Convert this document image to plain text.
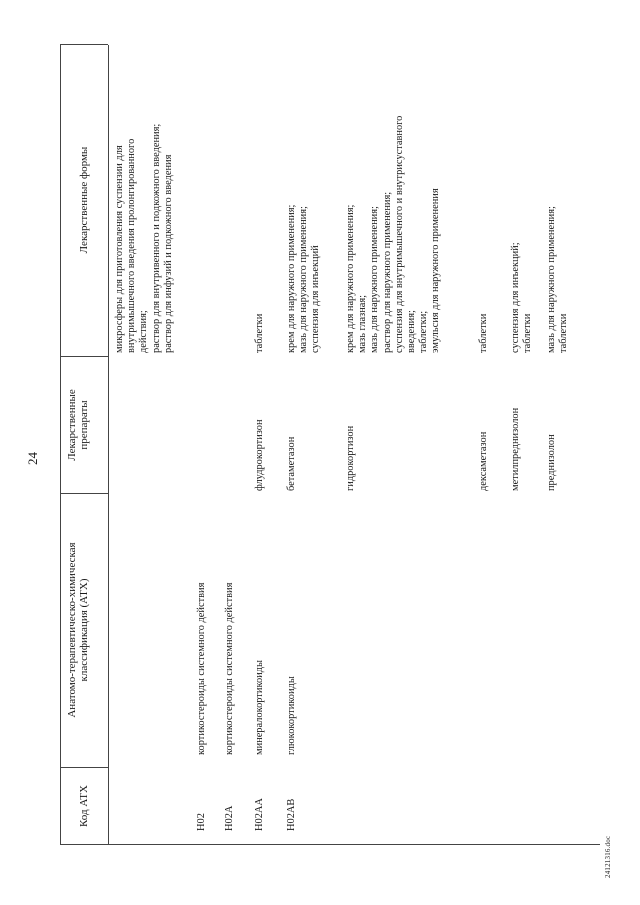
24
24121316.doc
Код АТХ
Анатомо-терапевтическо-химическая
классификация (АТХ)
Лекарственные
препараты
Лекарственные формы
микросферы для приготовления суспензии для
внутримышечного введения пролонгированного
действия;
раствор для внутривенного и подкожного введения;
раствор для инфузий и подкожного введения
H02
кортикостероиды системного действия
H02A
кортикостероиды системного действия
H02AA
минералокортикоиды
флудрокортизон
таблетки
H02AB
глюкокортикоиды
бетаметазон
крем для наружного применения;
мазь для наружного применения;
суспензия для инъекций
гидрокортизон
крем для наружного применения;
мазь глазная;
мазь для наружного применения;
раствор для наружного применения;
суспензия для внутримышечного и внутрисуставного
введения;
таблетки;
эмульсия для наружного применения
дексаметазон
таблетки
метилпреднизолон
суспензия для инъекций;
таблетки
преднизолон
мазь для наружного применения;
таблетки
